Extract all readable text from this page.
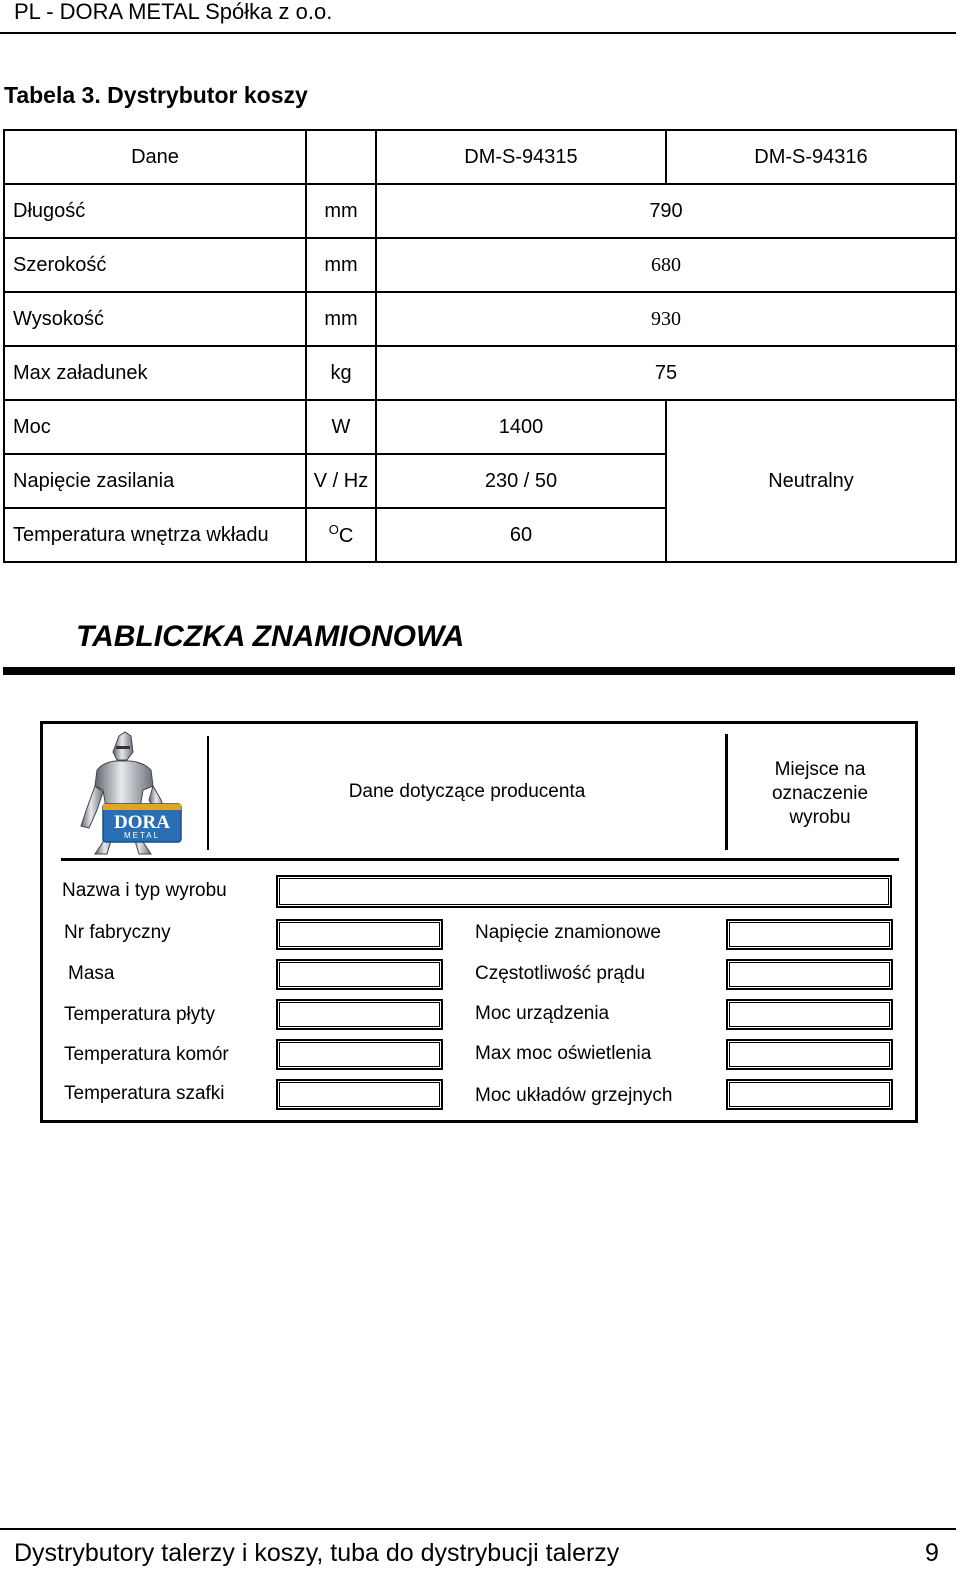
PL - DORA METAL Spółka z o.o.
Tabela 3. Dystrybutor koszy
Dane		DM-S-94315	DM-S-94316
Długość	mm	790	
Szerokość	mm	680	
Wysokość	mm	930	
Max załadunek	kg	75	
Moc	W	1400	Neutralny
Napięcie zasilania	V / Hz	230 / 50	
Temperatura wnętrza wkładu	$^O$C	60	
TABLICZKA ZNAMIONOWA
DORA
METAL
Dane dotyczące producenta
Miejsce na
oznaczenie
wyrobu
Nazwa i typ wyrobu
Nr fabryczny
Masa
Temperatura płyty
Temperatura komór
Temperatura szafki
Napięcie znamionowe
Częstotliwość prądu
Moc urządzenia
Max moc oświetlenia
Moc układów grzejnych
Dystrybutory talerzy i koszy, tuba do dystrybucji talerzy	9
